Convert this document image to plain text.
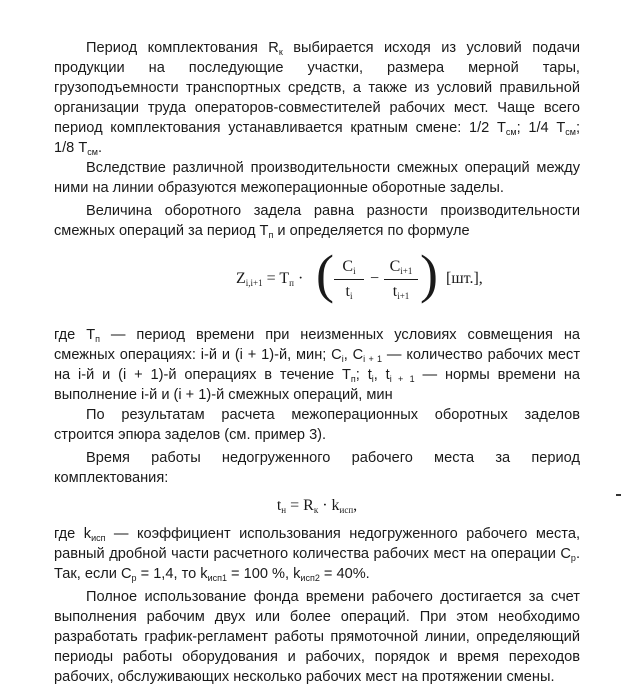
Период комплектования $R_к$ выбирается исходя из условий подачи продукции на последующие участки, размера мерной тары, грузоподъемности транспортных средств, а также из условий правильной организации труда операторов-совместителей рабочих мест. Чаще всего период комплектования устанавливается кратным смене: 1/2 $Т_{см}$; 1/4 $Т_{см}$; 1/8 $Т_{см}$.

Вследствие различной производительности смежных операций между ними на линии образуются межоперационные оборотные заделы.

Величина оборотного задела равна разности производительности смежных операций за период $Т_п$ и определяется по формуле

$Z_{i,i+1} = T_п$ · ( $\frac{C_i}{t_i} - \frac{C_{i+1}}{t_{i+1}}$ ) [шт.],

где $Т_п$ — период времени при неизменных условиях совмещения на смежных операциях: i-й и (i + 1)-й, мин; $C_i$, $C_{i + 1}$ — количество рабочих мест на i-й и (i + 1)-й операциях в течение $Т_п$; $t_i$, $t_{i + 1}$ — нормы времени на выполнение i-й и (i + 1)-й смежных операций, мин

По результатам расчета межоперационных оборотных заделов строится эпюра заделов (см. пример 3).

Время работы недогруженного рабочего места за период комплектования:

$t_н = R_к \cdot k_{исп}$,

где $k_{исп}$ — коэффициент использования недогруженного рабочего места, равный дробной части расчетного количества рабочих мест на операции $С_р$. Так, если $С_р = 1,4$, то $k_{исп1} = 100$ %, $k_{исп2} = 40\%$.

Полное использование фонда времени рабочего достигается за счет выполнения рабочим двух или более операций. При этом необходимо разработать график-регламент работы прямоточной линии, определяющий периоды работы оборудования и рабочих, порядок и время переходов рабочих, обслуживающих несколько рабочих мест на протяжении смены.
